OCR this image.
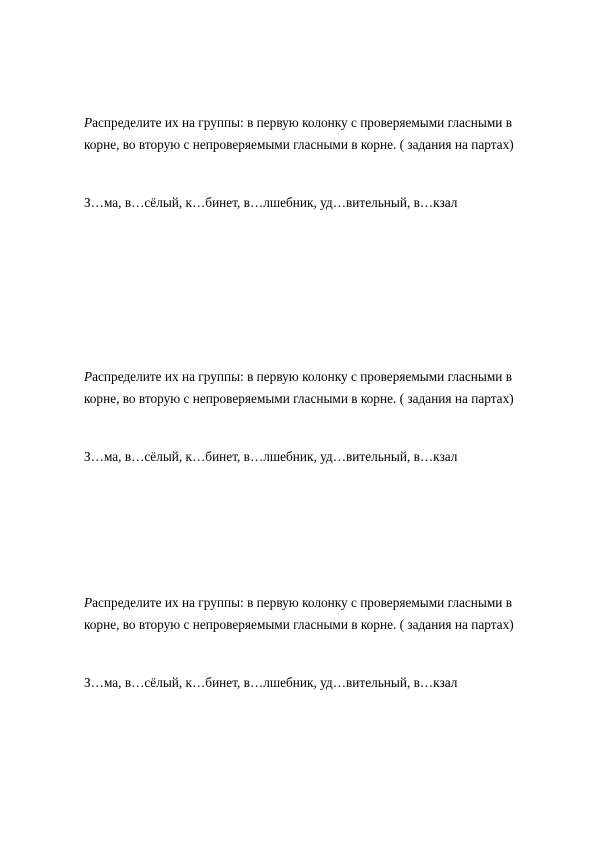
Распределите их на группы: в первую колонку с проверяемыми гласными в
корне, во вторую с непроверяемыми гласными в корне. ( задания на партах)

З…ма, в…сёлый, к…бинет, в…лшебник, уд…вительный, в…кзал

Распределите их на группы: в первую колонку с проверяемыми гласными в
корне, во вторую с непроверяемыми гласными в корне. ( задания на партах)

З…ма, в…сёлый, к…бинет, в…лшебник, уд…вительный, в…кзал

Распределите их на группы: в первую колонку с проверяемыми гласными в
корне, во вторую с непроверяемыми гласными в корне. ( задания на партах)

З…ма, в…сёлый, к…бинет, в…лшебник, уд…вительный, в…кзал
